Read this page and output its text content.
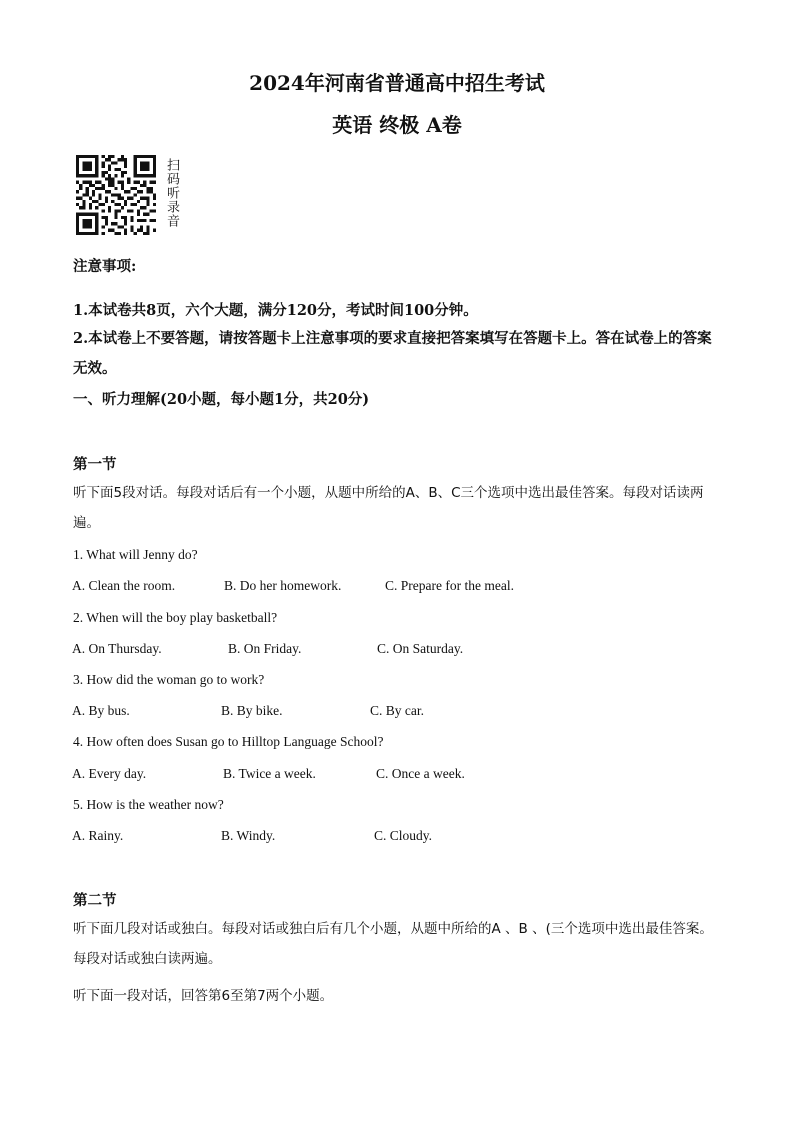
2024年河南省普通高中招生考试
英语 终极 A卷
扫码听录音
注意事项:
1.本试卷共8页，六个大题，满分120分，考试时间100分钟。
2.本试卷上不要答题，请按答题卡上注意事项的要求直接把答案填写在答题卡上。答在试卷上的答案无效。
一、听力理解(20小题，每小题1分，共20分)
第一节
听下面5段对话。每段对话后有一个小题，从题中所给的A、B、C三个选项中选出最佳答案。每段对话读两遍。
1. What will Jenny do?
A. Clean the room.	B. Do her homework.	C. Prepare for the meal.
2. When will the boy play basketball?
A. On Thursday.	B. On Friday.	C. On Saturday.
3. How did the woman go to work?
A. By bus.	B. By bike.	C. By car.
4. How often does Susan go to Hilltop Language School?
A. Every day.	B. Twice a week.	C. Once a week.
5. How is the weather now?
A. Rainy.	B. Windy.	C. Cloudy.
第二节
听下面几段对话或独白。每段对话或独白后有几个小题，从题中所给的A 、B 、(三个选项中选出最佳答案。每段对话或独白读两遍。
听下面一段对话，回答第6至第7两个小题。
